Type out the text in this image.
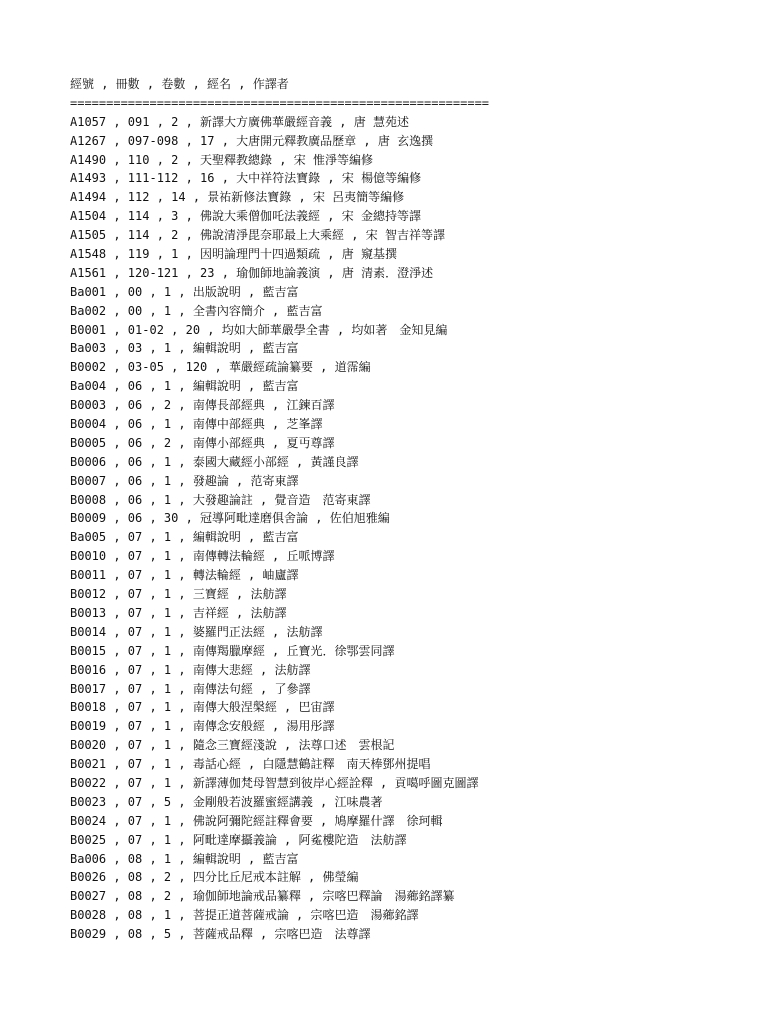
經號 , 冊數 , 卷數 , 經名 , 作譯者
==========================================================
A1057 , 091 , 2 , 新譯大方廣佛華嚴經音義 , 唐 慧苑述
A1267 , 097-098 , 17 , 大唐開元釋教廣品歷章 , 唐 玄逸撰
A1490 , 110 , 2 , 天聖釋教總錄 , 宋 惟淨等編修
A1493 , 111-112 , 16 , 大中祥符法寶錄 , 宋 楊億等編修
A1494 , 112 , 14 , 景祐新修法寶錄 , 宋 呂夷簡等編修
A1504 , 114 , 3 , 佛說大乘僧伽吒法義經 , 宋 金總持等譯
A1505 , 114 , 2 , 佛說清淨毘奈耶最上大乘經 , 宋 智吉祥等譯
A1548 , 119 , 1 , 因明論理門十四過類疏 , 唐 窺基撰
A1561 , 120-121 , 23 , 瑜伽師地論義演 , 唐 清素．澄淨述
Ba001 , 00 , 1 , 出版說明 , 藍吉富
Ba002 , 00 , 1 , 全書內容簡介 , 藍吉富
B0001 , 01-02 , 20 , 均如大師華嚴學全書 , 均如著　金知見編
Ba003 , 03 , 1 , 編輯說明 , 藍吉富
B0002 , 03-05 , 120 , 華嚴經疏論纂要 , 道霈編
Ba004 , 06 , 1 , 編輯說明 , 藍吉富
B0003 , 06 , 2 , 南傳長部經典 , 江鍊百譯
B0004 , 06 , 1 , 南傳中部經典 , 芝峯譯
B0005 , 06 , 2 , 南傳小部經典 , 夏丏尊譯
B0006 , 06 , 1 , 泰國大藏經小部經 , 黃謹良譯
B0007 , 06 , 1 , 發趣論 , 范寄東譯
B0008 , 06 , 1 , 大發趣論註 , 覺音造　范寄東譯
B0009 , 06 , 30 , 冠導阿毗達磨俱舍論 , 佐伯旭雅編
Ba005 , 07 , 1 , 編輯說明 , 藍吉富
B0010 , 07 , 1 , 南傳轉法輪經 , 丘哌博譯
B0011 , 07 , 1 , 轉法輪經 , 岫廬譯
B0012 , 07 , 1 , 三寶經 , 法舫譯
B0013 , 07 , 1 , 吉祥經 , 法舫譯
B0014 , 07 , 1 , 婆羅門正法經 , 法舫譯
B0015 , 07 , 1 , 南傳羯臘摩經 , 丘寶光．徐鄂雲同譯
B0016 , 07 , 1 , 南傳大悲經 , 法舫譯
B0017 , 07 , 1 , 南傳法句經 , 了參譯
B0018 , 07 , 1 , 南傳大般涅槃經 , 巴宙譯
B0019 , 07 , 1 , 南傳念安般經 , 湯用彤譯
B0020 , 07 , 1 , 隨念三寶經淺說 , 法尊口述　雲根記
B0021 , 07 , 1 , 毒話心經 , 白隱慧鶴註釋　南天棒鄧州提唱
B0022 , 07 , 1 , 新譯薄伽梵母智慧到彼岸心經詮釋 , 貢噶呼圖克圖譯
B0023 , 07 , 5 , 金剛般若波羅蜜經講義 , 江味農著
B0024 , 07 , 1 , 佛說阿彌陀經註釋會要 , 鳩摩羅什譯　徐珂輯
B0025 , 07 , 1 , 阿毗達摩攝義論 , 阿㝹樓陀造　法舫譯
Ba006 , 08 , 1 , 編輯說明 , 藍吉富
B0026 , 08 , 2 , 四分比丘尼戒本註解 , 佛瑩編
B0027 , 08 , 2 , 瑜伽師地論戒品纂釋 , 宗喀巴釋論　湯薌銘譯纂
B0028 , 08 , 1 , 菩提正道菩薩戒論 , 宗喀巴造　湯薌銘譯
B0029 , 08 , 5 , 菩薩戒品釋 , 宗喀巴造　法尊譯
